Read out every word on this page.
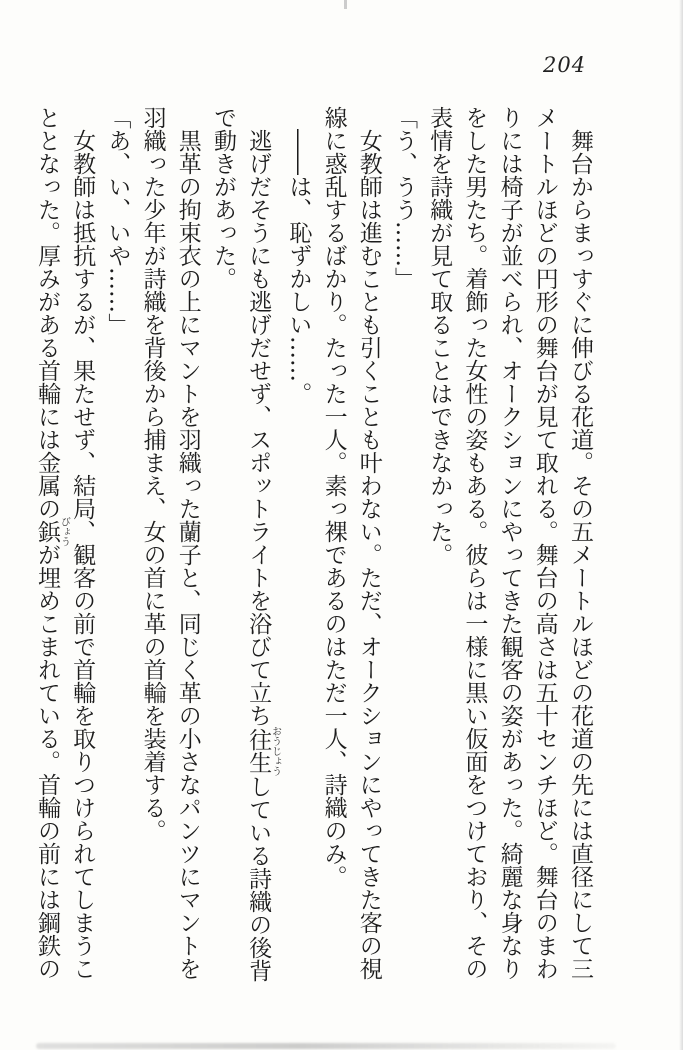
204

舞台からまっすぐに伸びる花道。その五メートルほどの花道の先には直径にして三メートルほどの円形の舞台が見て取れる。舞台の高さは五十センチほど。舞台のまわりには椅子が並べられ、オークションにやってきた観客の姿があった。綺麗な身なりをした男たち。着飾った女性の姿もある。彼らは一様に黒い仮面をつけており、その表情を詩織が見て取ることはできなかった。

「う、うう……」

女教師は進むことも引くことも叶わない。ただ、オークションにやってきた客の視線に惑乱するばかり。たった一人。素っ裸であるのはただ一人、詩織のみ。

――は、恥ずかしい……。

逃げだそうにも逃げだせず、スポットライトを浴びて立ち往生おうじょうしている詩織の後背で動きがあった。

黒革の拘束衣の上にマントを羽織った蘭子と、同じく革の小さなパンツにマントを羽織った少年が詩織を背後から捕まえ、女の首に革の首輪を装着する。

「あ、い、いや……」

女教師は抵抗するが、果たせず、結局、観客の前で首輪を取りつけられてしまうこととなった。厚みがある首輪には金属の鋲びょうが埋めこまれている。首輪の前には鋼鉄の
